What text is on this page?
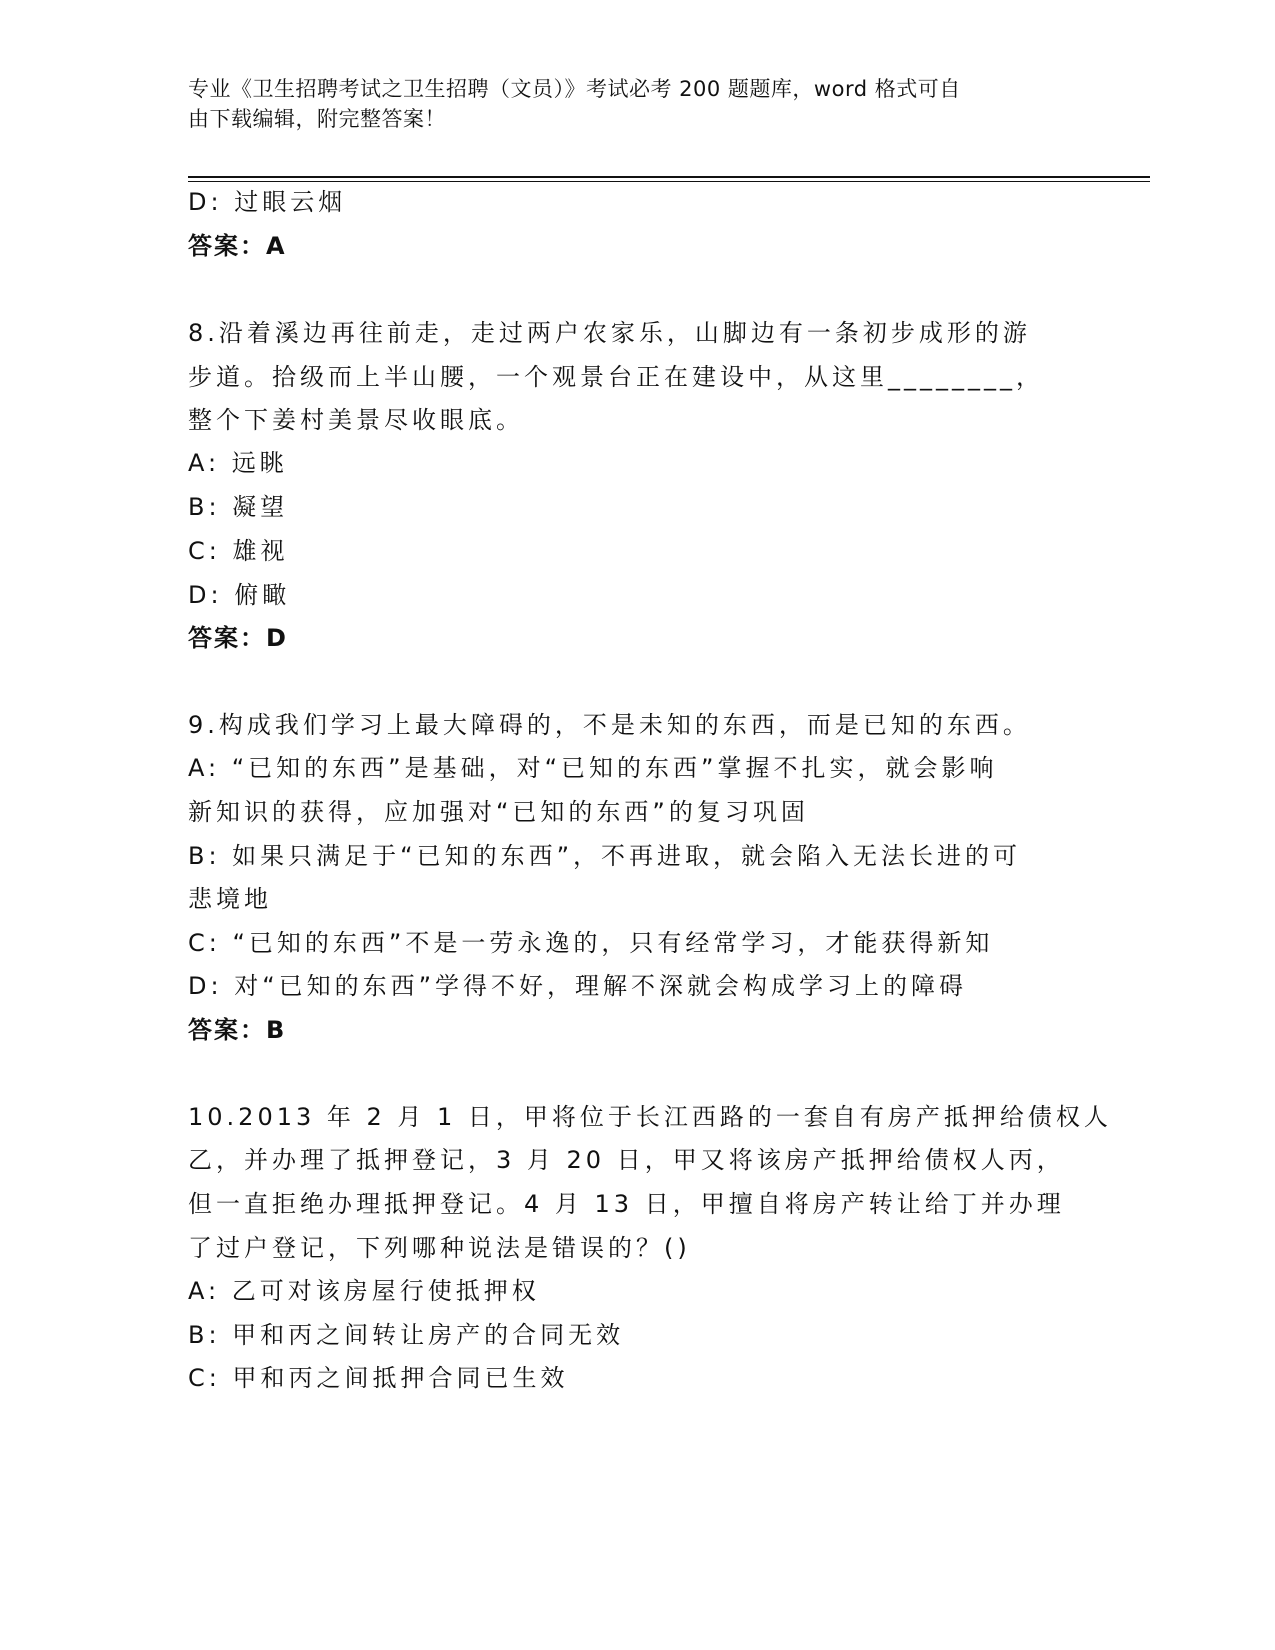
专业《卫生招聘考试之卫生招聘（文员）》考试必考 200 题题库，word 格式可自
由下载编辑，附完整答案！
D: 过眼云烟
答案：A
8.沿着溪边再往前走，走过两户农家乐，山脚边有一条初步成形的游
步道。拾级而上半山腰，一个观景台正在建设中，从这里________，
整个下姜村美景尽收眼底。
A: 远眺
B: 凝望
C: 雄视
D: 俯瞰
答案：D
9.构成我们学习上最大障碍的，不是未知的东西，而是已知的东西。
A: “已知的东西”是基础，对“已知的东西”掌握不扎实，就会影响
新知识的获得，应加强对“已知的东西”的复习巩固
B: 如果只满足于“已知的东西”，不再进取，就会陷入无法长进的可
悲境地
C: “已知的东西”不是一劳永逸的，只有经常学习，才能获得新知
D: 对“已知的东西”学得不好，理解不深就会构成学习上的障碍
答案：B
10.2013 年 2 月 1 日，甲将位于长江西路的一套自有房产抵押给债权人
乙，并办理了抵押登记，3 月 20 日，甲又将该房产抵押给债权人丙，
但一直拒绝办理抵押登记。4 月 13 日，甲擅自将房产转让给丁并办理
了过户登记，下列哪种说法是错误的？()
A: 乙可对该房屋行使抵押权
B: 甲和丙之间转让房产的合同无效
C: 甲和丙之间抵押合同已生效
